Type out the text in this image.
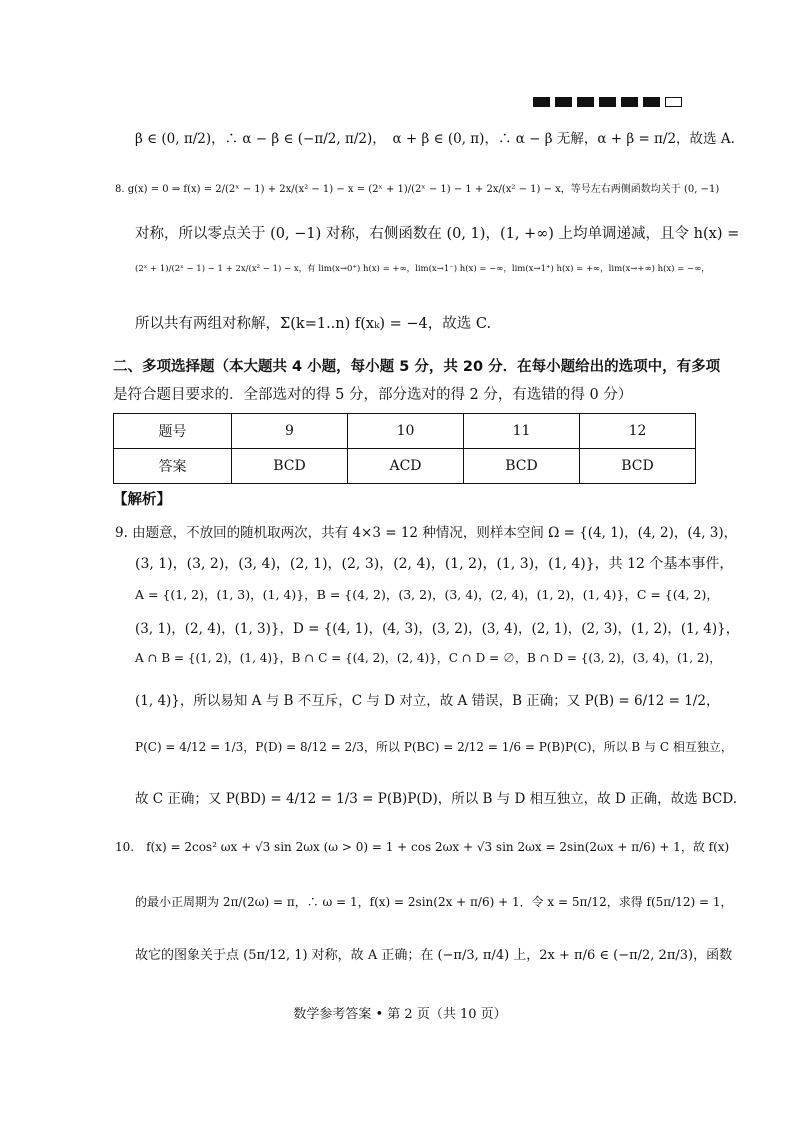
β ∈ (0, π/2)，∴ α − β ∈ (−π/2, π/2)，　α + β ∈ (0, π)，∴ α − β 无解，α + β = π/2，故选 A.
8. g(x) = 0 ⇒ f(x) = 2/(2ˣ − 1) + 2x/(x² − 1) − x = (2ˣ + 1)/(2ˣ − 1) − 1 + 2x/(x² − 1) − x，等号左右两侧函数均关于 (0, −1)
对称，所以零点关于 (0, −1) 对称，右侧函数在 (0, 1)，(1, +∞) 上均单调递减，且令 h(x) =
(2ˣ + 1)/(2ˣ − 1) − 1 + 2x/(x² − 1) − x，有 lim(x→0⁺) h(x) = +∞，lim(x→1⁻) h(x) = −∞，lim(x→1⁺) h(x) = +∞，lim(x→+∞) h(x) = −∞，
所以共有两组对称解，Σ(k=1..n) f(xₖ) = −4，故选 C.
二、多项选择题（本大题共 4 小题，每小题 5 分，共 20 分．在每小题给出的选项中，有多项
是符合题目要求的．全部选对的得 5 分，部分选对的得 2 分，有选错的得 0 分）
题号	9	10	11	12
答案	BCD	ACD	BCD	BCD
【解析】
9. 由题意，不放回的随机取两次，共有 4×3 = 12 种情况，则样本空间 Ω = {(4, 1)，(4, 2)，(4, 3)，
(3, 1)，(3, 2)，(3, 4)，(2, 1)，(2, 3)，(2, 4)，(1, 2)，(1, 3)，(1, 4)}，共 12 个基本事件，
A = {(1, 2)，(1, 3)，(1, 4)}，B = {(4, 2)，(3, 2)，(3, 4)，(2, 4)，(1, 2)，(1, 4)}，C = {(4, 2)，
(3, 1)，(2, 4)，(1, 3)}，D = {(4, 1)，(4, 3)，(3, 2)，(3, 4)，(2, 1)，(2, 3)，(1, 2)，(1, 4)}，
A ∩ B = {(1, 2)，(1, 4)}，B ∩ C = {(4, 2)，(2, 4)}，C ∩ D = ∅，B ∩ D = {(3, 2)，(3, 4)，(1, 2)，
(1, 4)}，所以易知 A 与 B 不互斥，C 与 D 对立，故 A 错误，B 正确；又 P(B) = 6/12 = 1/2，
P(C) = 4/12 = 1/3，P(D) = 8/12 = 2/3，所以 P(BC) = 2/12 = 1/6 = P(B)P(C)，所以 B 与 C 相互独立，
故 C 正确；又 P(BD) = 4/12 = 1/3 = P(B)P(D)，所以 B 与 D 相互独立，故 D 正确，故选 BCD.
10.　f(x) = 2cos² ωx + √3 sin 2ωx (ω > 0) = 1 + cos 2ωx + √3 sin 2ωx = 2sin(2ωx + π/6) + 1，故 f(x)
的最小正周期为 2π/(2ω) = π，∴ ω = 1，f(x) = 2sin(2x + π/6) + 1．令 x = 5π/12，求得 f(5π/12) = 1，
故它的图象关于点 (5π/12, 1) 对称，故 A 正确；在 (−π/3, π/4) 上，2x + π/6 ∈ (−π/2, 2π/3)，函数
数学参考答案 • 第 2 页（共 10 页）
